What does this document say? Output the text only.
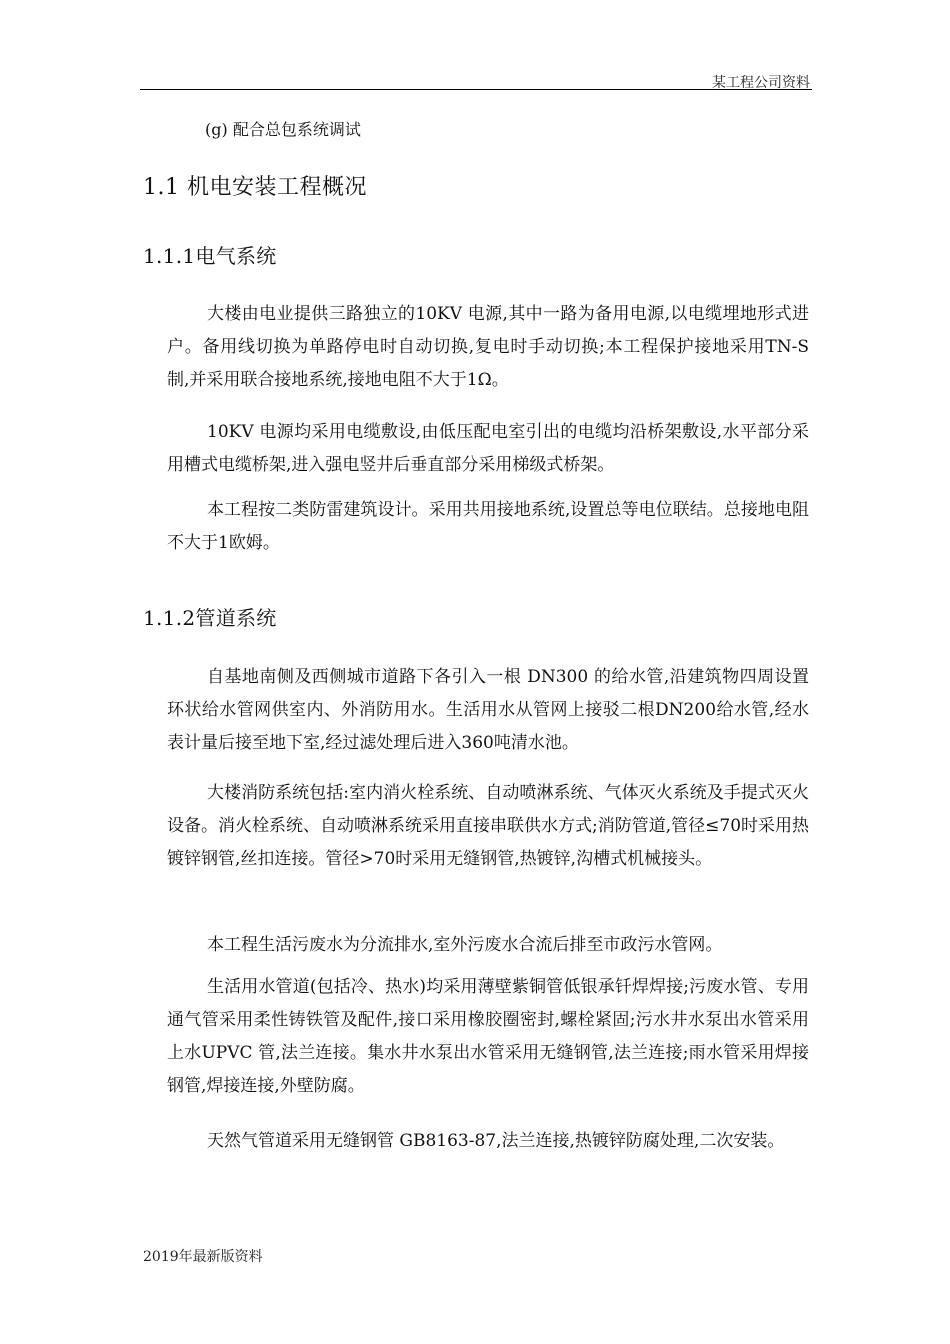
某工程公司资料
(g) 配合总包系统调试
1.1 机电安装工程概况
1.1.1电气系统

大楼由电业提供三路独立的10KV 电源,其中一路为备用电源,以电缆埋地形式进户。备用线切换为单路停电时自动切换,复电时手动切换;本工程保护接地采用TN-S 制,并采用联合接地系统,接地电阻不大于1Ω。

10KV 电源均采用电缆敷设,由低压配电室引出的电缆均沿桥架敷设,水平部分采用槽式电缆桥架,进入强电竖井后垂直部分采用梯级式桥架。

本工程按二类防雷建筑设计。采用共用接地系统,设置总等电位联结。总接地电阻不大于1欧姆。

1.1.2管道系统

自基地南侧及西侧城市道路下各引入一根 DN300 的给水管,沿建筑物四周设置环状给水管网供室内、外消防用水。生活用水从管网上接驳二根DN200给水管,经水表计量后接至地下室,经过滤处理后进入360吨清水池。

大楼消防系统包括:室内消火栓系统、自动喷淋系统、气体灭火系统及手提式灭火设备。消火栓系统、自动喷淋系统采用直接串联供水方式;消防管道,管径≤70时采用热镀锌钢管,丝扣连接。管径>70时采用无缝钢管,热镀锌,沟槽式机械接头。

本工程生活污废水为分流排水,室外污废水合流后排至市政污水管网。

生活用水管道(包括冷、热水)均采用薄壁紫铜管低银承钎焊焊接;污废水管、专用通气管采用柔性铸铁管及配件,接口采用橡胶圈密封,螺栓紧固;污水井水泵出水管采用上水UPVC 管,法兰连接。集水井水泵出水管采用无缝钢管,法兰连接;雨水管采用焊接钢管,焊接连接,外壁防腐。

天然气管道采用无缝钢管 GB8163-87,法兰连接,热镀锌防腐处理,二次安装。

2019年最新版资料
